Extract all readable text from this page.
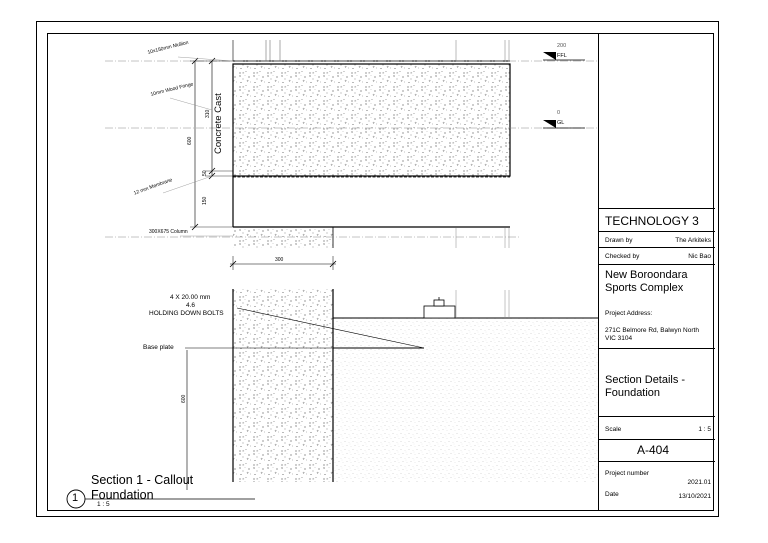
10x150mm Mullion
10mm Wood Fringe
12 mm Membrane
300X675 Column
310
600
50
150
300
600
Concrete Cast
200
FFL
0
GL
4 X 20.00 mm
4.6
HOLDING DOWN BOLTS
Base plate
1
Section 1 - Callout
Foundation
1 : 5
TECHNOLOGY 3
Drawn by	The Arkiteks
Checked by	Nic Bao
New Boroondara
Sports Complex
Project Address:
271C Belmore Rd, Balwyn North
VIC 3104
Section Details -
Foundation
Scale	1 : 5
A-404
Project number
2021.01
Date	13/10/2021
